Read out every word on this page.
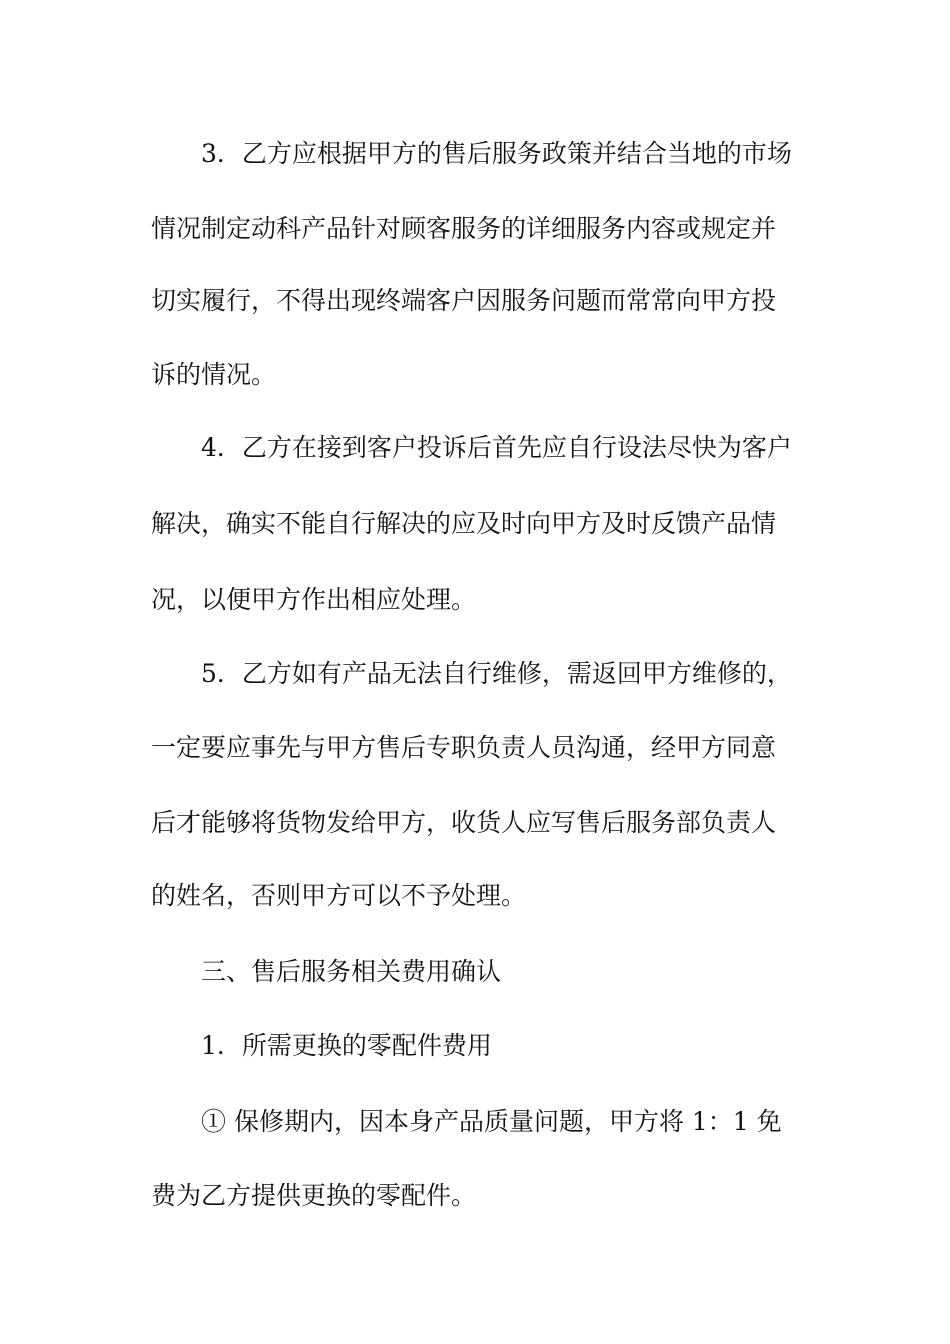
3．乙方应根据甲方的售后服务政策并结合当地的市场
情况制定动科产品针对顾客服务的详细服务内容或规定并
切实履行，不得出现终端客户因服务问题而常常向甲方投
诉的情况。
4．乙方在接到客户投诉后首先应自行设法尽快为客户
解决，确实不能自行解决的应及时向甲方及时反馈产品情
况，以便甲方作出相应处理。
5．乙方如有产品无法自行维修，需返回甲方维修的，
一定要应事先与甲方售后专职负责人员沟通，经甲方同意
后才能够将货物发给甲方，收货人应写售后服务部负责人
的姓名，否则甲方可以不予处理。
三、售后服务相关费用确认
1．所需更换的零配件费用
① 保修期内，因本身产品质量问题，甲方将 1：1 免
费为乙方提供更换的零配件。
